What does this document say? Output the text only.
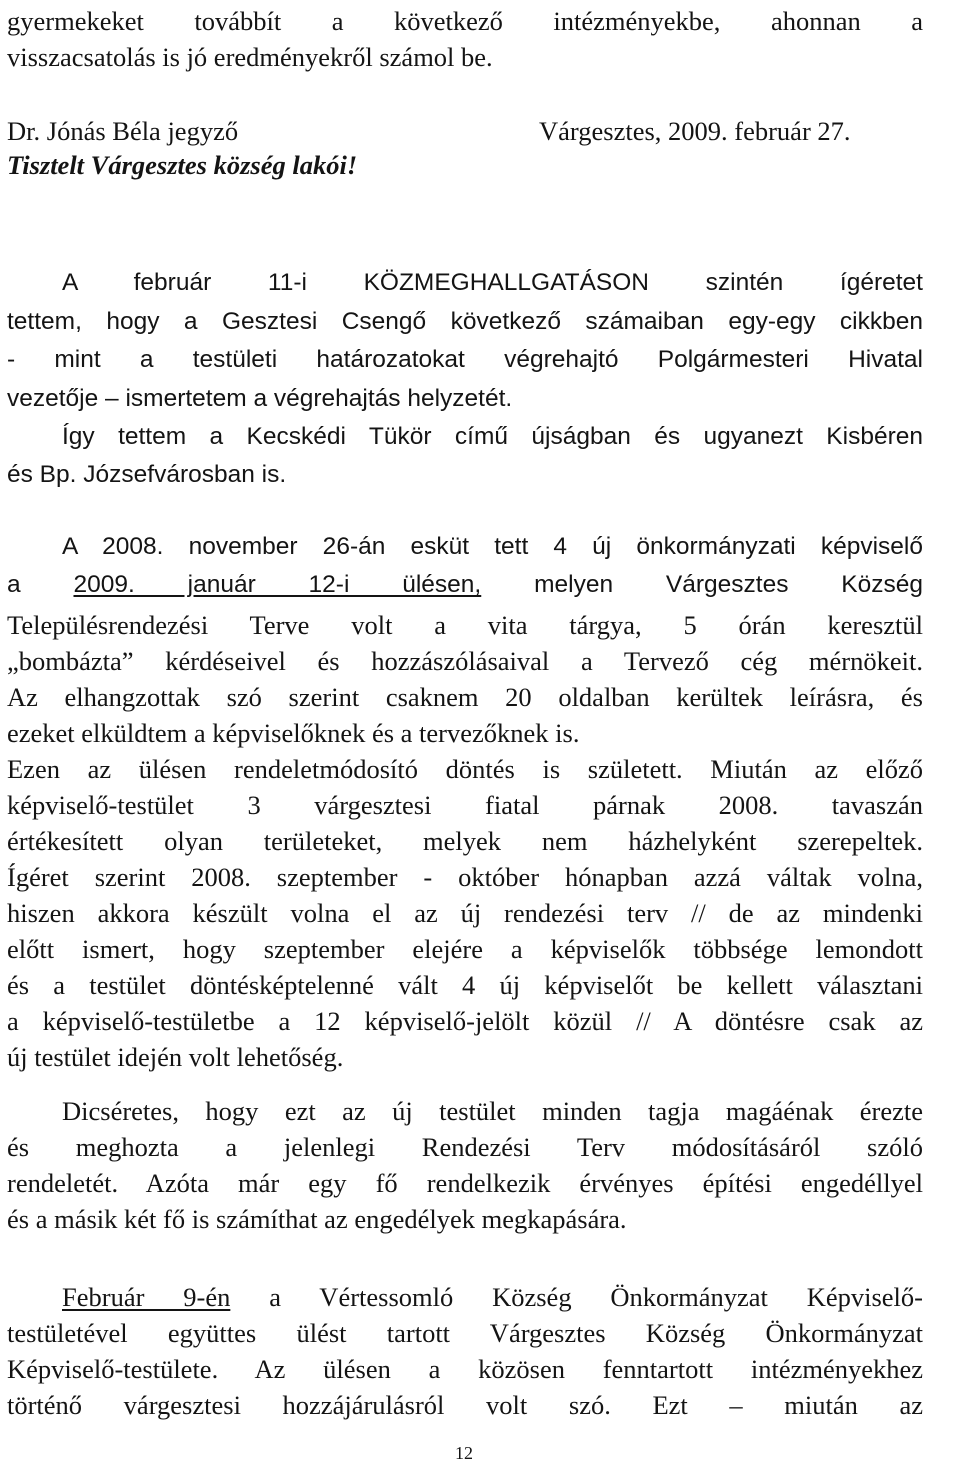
gyermekeket továbbít a következő intézményekbe, ahonnan a
visszacsatolás is jó eredményekről számol be.
Dr. Jónás Béla jegyző	Várgesztes, 2009. február 27.
Tisztelt Várgesztes község lakói!
A február 11-i KÖZMEGHALLGATÁSON szintén ígéretet
tettem, hogy a Gesztesi Csengő következő számaiban egy-egy cikkben
- mint a testületi határozatokat végrehajtó Polgármesteri Hivatal
vezetője – ismertetem a végrehajtás helyzetét.
Így tettem a Kecskédi Tükör című újságban és ugyanezt Kisbéren
és Bp. Józsefvárosban is.
A 2008. november 26-án esküt tett 4 új önkormányzati képviselő
a 2009. január 12-i ülésen, melyen Várgesztes Község
Településrendezési Terve volt a vita tárgya, 5 órán keresztül
„bombázta” kérdéseivel és hozzászólásaival a Tervező cég mérnökeit.
Az elhangzottak szó szerint csaknem 20 oldalban kerültek leírásra, és
ezeket elküldtem a képviselőknek és a tervezőknek is.
Ezen az ülésen rendeletmódosító döntés is született. Miután az előző
képviselő-testület 3 várgesztesi fiatal párnak 2008. tavaszán
értékesített olyan területeket, melyek nem házhelyként szerepeltek.
Ígéret szerint 2008. szeptember - október hónapban azzá váltak volna,
hiszen akkora készült volna el az új rendezési terv // de az mindenki
előtt ismert, hogy szeptember elejére a képviselők többsége lemondott
és a testület döntésképtelenné vált 4 új képviselőt be kellett választani
a képviselő-testületbe a 12 képviselő-jelölt közül // A döntésre csak az
új testület idején volt lehetőség.
Dicséretes, hogy ezt az új testület minden tagja magáénak érezte
és meghozta a jelenlegi Rendezési Terv módosításáról szóló
rendeletét. Azóta már egy fő rendelkezik érvényes építési engedéllyel
és a másik két fő is számíthat az engedélyek megkapására.
Február 9-én a Vértessomló Község Önkormányzat Képviselő-
testületével együttes ülést tartott Várgesztes Község Önkormányzat
Képviselő-testülete. Az ülésen a közösen fenntartott intézményekhez
történő várgesztesi hozzájárulásról volt szó. Ezt – miután az
12
